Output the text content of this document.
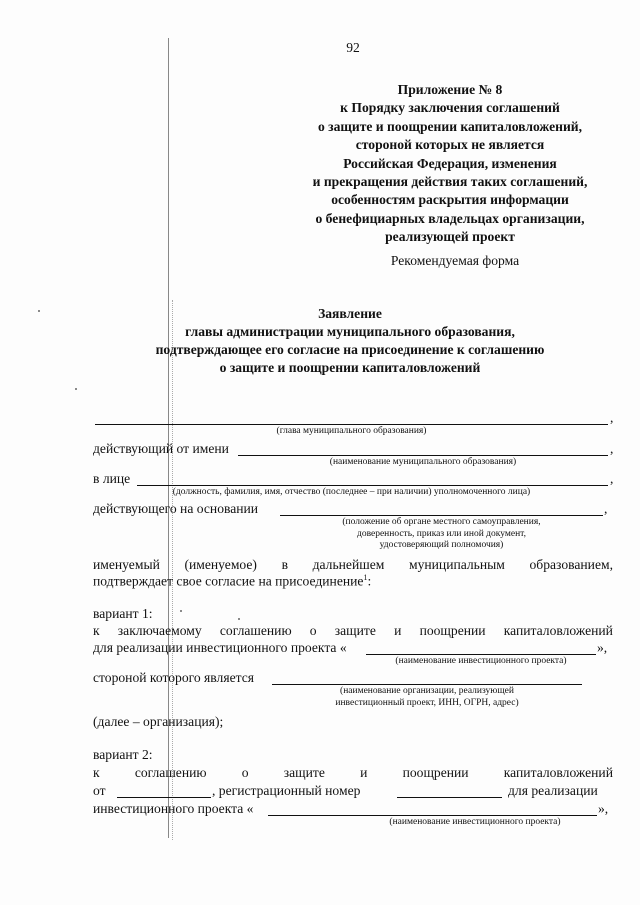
92
Приложение № 8
к Порядку заключения соглашений
о защите и поощрении капиталовложений,
стороной которых не является
Российская Федерация, изменения
и прекращения действия таких соглашений,
особенностям раскрытия информации
о бенефициарных владельцах организации,
реализующей проект
Рекомендуемая форма
Заявление
главы администрации муниципального образования,
подтверждающее его согласие на присоединение к соглашению
о защите и поощрении капиталовложений
,
(глава муниципального образования)
действующий от имени	,
(наименование муниципального образования)
в лице	,
(должность, фамилия, имя, отчество (последнее – при наличии) уполномоченного лица)
действующего на основании	,
(положение об органе местного самоуправления,
доверенность, приказ или иной документ,
удостоверяющий полномочия)
именуемый (именуемое) в дальнейшем муниципальным образованием,
подтверждает свое согласие на присоединение$^1$:
вариант 1:
к заключаемому соглашению о защите и поощрении капиталовложений
для реализации инвестиционного проекта «	»,
(наименование инвестиционного проекта)
стороной которого является
(наименование организации, реализующей
инвестиционный проект, ИНН, ОГРН, адрес)
(далее – организация);
вариант 2:
к	соглашению	о	защите	и	поощрении	капиталовложений
от	, регистрационный номер	для реализации
инвестиционного проекта «	»,
(наименование инвестиционного проекта)
